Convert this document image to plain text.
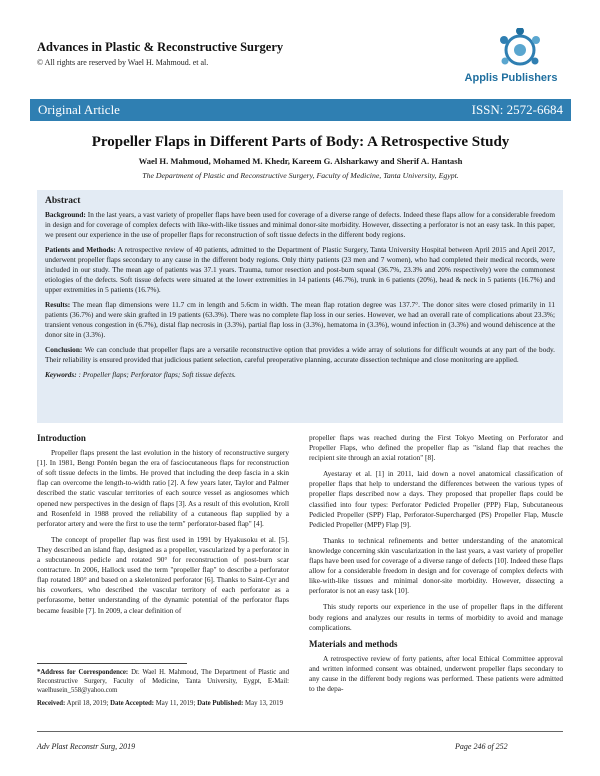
Advances in Plastic & Reconstructive Surgery
© All rights are reserved by Wael H. Mahmoud. et al.
Applis Publishers
Original Article	ISSN: 2572-6684
Propeller Flaps in Different Parts of Body: A Retrospective Study
Wael H. Mahmoud, Mohamed M. Khedr, Kareem G. Alsharkawy and Sherif A. Hantash
The Department of Plastic and Reconstructive Surgery, Faculty of Medicine, Tanta University, Egypt.
Abstract

Background: In the last years, a vast variety of propeller flaps have been used for coverage of a diverse range of defects. Indeed these flaps allow for a considerable freedom in design and for coverage of complex defects with like-with-like tissues and minimal donor-site morbidity. However, dissecting a perforator is not an easy task. In this paper, we present our experience in the use of propeller flaps for reconstruction of soft tissue defects in the different body regions.

Patients and Methods: A retrospective review of 40 patients, admitted to the Department of Plastic Surgery, Tanta University Hospital between April 2015 and April 2017, underwent propeller flaps secondary to any cause in the different body regions. Only thirty patients (23 men and 7 women), who had completed their medical records, were included in our study. The mean age of patients was 37.1 years. Trauma, tumor resection and post-burn squeal (36.7%, 23.3% and 20% respectively) were the commonest etiologies of the defects. Soft tissue defects were situated at the lower extremities in 14 patients (46.7%), trunk in 6 patients (20%), head & neck in 5 patients (16.7%) and upper extremities in 5 patients (16.7%).

Results: The mean flap dimensions were 11.7 cm in length and 5.6cm in width. The mean flap rotation degree was 137.7°. The donor sites were closed primarily in 11 patients (36.7%) and were skin grafted in 19 patients (63.3%). There was no complete flap loss in our series. However, we had an overall rate of complications about 23.3%; transient venous congestion in (6.7%), distal flap necrosis in (3.3%), partial flap loss in (3.3%), hematoma in (3.3%), wound infection in (3.3%) and wound dehiscence at the donor site in (3.3%).

Conclusion: We can conclude that propeller flaps are a versatile reconstructive option that provides a wide array of solutions for difficult wounds at any part of the body. Their reliability is ensured provided that judicious patient selection, careful preoperative planning, accurate dissection technique and close monitoring are applied.

Keywords: : Propeller flaps; Perforator flaps; Soft tissue defects.

Introduction

Propeller flaps present the last evolution in the history of reconstructive surgery [1]. In 1981, Bengt Pontén began the era of fasciocutaneous flaps for reconstruction of soft tissue defects in the limbs. He proved that including the deep fascia in a skin flap can overcome the length-to-width ratio [2]. A few years later, Taylor and Palmer described the static vascular territories of each source vessel as angiosomes which opened new perspectives in the design of flaps [3]. As a result of this evolution, Kroll and Rosenfeld in 1988 proved the reliability of a cutaneous flap supplied by a perforator artery and were the first to use the term" perforator-based flap" [4].

The concept of propeller flap was first used in 1991 by Hyakusoku et al. [5]. They described an island flap, designed as a propeller, vascularized by a perforator in a subcutaneous pedicle and rotated 90° for reconstruction of post-burn scar contracture. In 2006, Hallock used the term "propeller flap" to describe a perforator flap rotated 180° and based on a skeletonized perforator [6]. Thanks to Saint-Cyr and his coworkers, who described the vascular territory of each perforator as a perforasome, better understanding of the dynamic potential of the perforator flaps became feasible [7]. In 2009, a clear definition of

propeller flaps was reached during the First Tokyo Meeting on Perforator and Propeller Flaps, who defined the propeller flap as "island flap that reaches the recipient site through an axial rotation" [8].

Ayestaray et al. [1] in 2011, laid down a novel anatomical classification of propeller flaps that help to understand the differences between the various types of propeller flaps described now a days. They proposed that propeller flaps could be classified into four types: Perforator Pedicled Propeller (PPP) Flap, Subcutaneous Pedicled Propeller (SPP) Flap, Perforator-Supercharged (PS) Propeller Flap, Muscle Pedicled Propeller (MPP) Flap [9].

Thanks to technical refinements and better understanding of the anatomical knowledge concerning skin vascularization in the last years, a vast variety of propeller flaps have been used for coverage of a diverse range of defects [10]. Indeed these flaps allow for a considerable freedom in design and for coverage of complex defects with like-with-like tissues and minimal donor-site morbidity. However, dissecting a perforator is not an easy task [10].

This study reports our experience in the use of propeller flaps in the different body regions and analyzes our results in terms of morbidity to avoid and manage complications.

Materials and methods

A retrospective review of forty patients, after local Ethical Committee approval and written informed consent was obtained, underwent propeller flaps secondary to any cause in the different body regions was performed. These patients were admitted to the depa-

*Address for Correspondence: Dr. Wael H. Mahmoud, The Department of Plastic and Reconstructive Surgery, Faculty of Medicine, Tanta University, Eygpt, E-Mail: waelhusein_558@yahoo.com
Received: April 18, 2019; Date Accepted: May 11, 2019; Date Published: May 13, 2019
Adv Plast Reconstr Surg, 2019	Page 246 of 252
